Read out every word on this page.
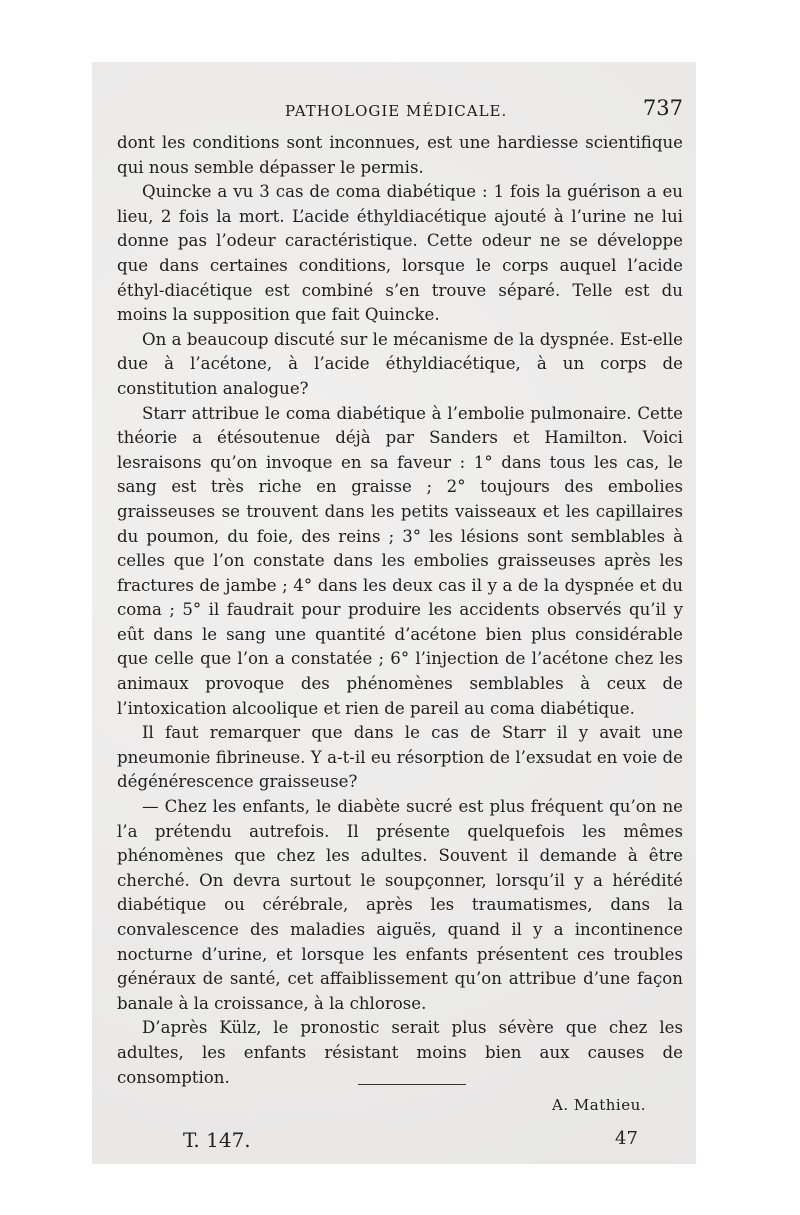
PATHOLOGIE MÉDICALE.	737

dont les conditions sont inconnues, est une hardiesse scientifique qui nous semble dépasser le permis.

Quincke a vu 3 cas de coma diabétique : 1 fois la guérison a eu lieu, 2 fois la mort. L’acide éthyldiacétique ajouté à l’urine ne lui donne pas l’odeur caractéristique. Cette odeur ne se développe que dans certaines conditions, lorsque le corps auquel l’acide éthyl-diacétique est combiné s’en trouve séparé. Telle est du moins la supposition que fait Quincke.

On a beaucoup discuté sur le mécanisme de la dyspnée. Est-elle due à l’acétone, à l’acide éthyldiacétique, à un corps de constitution analogue?

Starr attribue le coma diabétique à l’embolie pulmonaire. Cette théorie a étésoutenue déjà par Sanders et Hamilton. Voici lesraisons qu’on invoque en sa faveur : 1° dans tous les cas, le sang est très riche en graisse ; 2° toujours des embolies graisseuses se trouvent dans les petits vaisseaux et les capillaires du poumon, du foie, des reins ; 3° les lésions sont semblables à celles que l’on constate dans les embolies graisseuses après les fractures de jambe ; 4° dans les deux cas il y a de la dyspnée et du coma ; 5° il faudrait pour produire les accidents observés qu’il y eût dans le sang une quantité d’acétone bien plus considérable que celle que l’on a constatée ; 6° l’injection de l’acétone chez les animaux provoque des phénomènes semblables à ceux de l’intoxication alcoolique et rien de pareil au coma diabétique.

Il faut remarquer que dans le cas de Starr il y avait une pneumonie fibrineuse. Y a-t-il eu résorption de l’exsudat en voie de dégénérescence graisseuse?

— Chez les enfants, le diabète sucré est plus fréquent qu’on ne l’a prétendu autrefois. Il présente quelquefois les mêmes phénomènes que chez les adultes. Souvent il demande à être cherché. On devra surtout le soupçonner, lorsqu’il y a hérédité diabétique ou cérébrale, après les traumatismes, dans la convalescence des maladies aiguës, quand il y a incontinence nocturne d’urine, et lorsque les enfants présentent ces troubles généraux de santé, cet affaiblissement qu’on attribue d’une façon banale à la croissance, à la chlorose.

D’après Külz, le pronostic serait plus sévère que chez les adultes, les enfants résistant moins bien aux causes de consomption.

A. Mathieu.
T. 147.	47
